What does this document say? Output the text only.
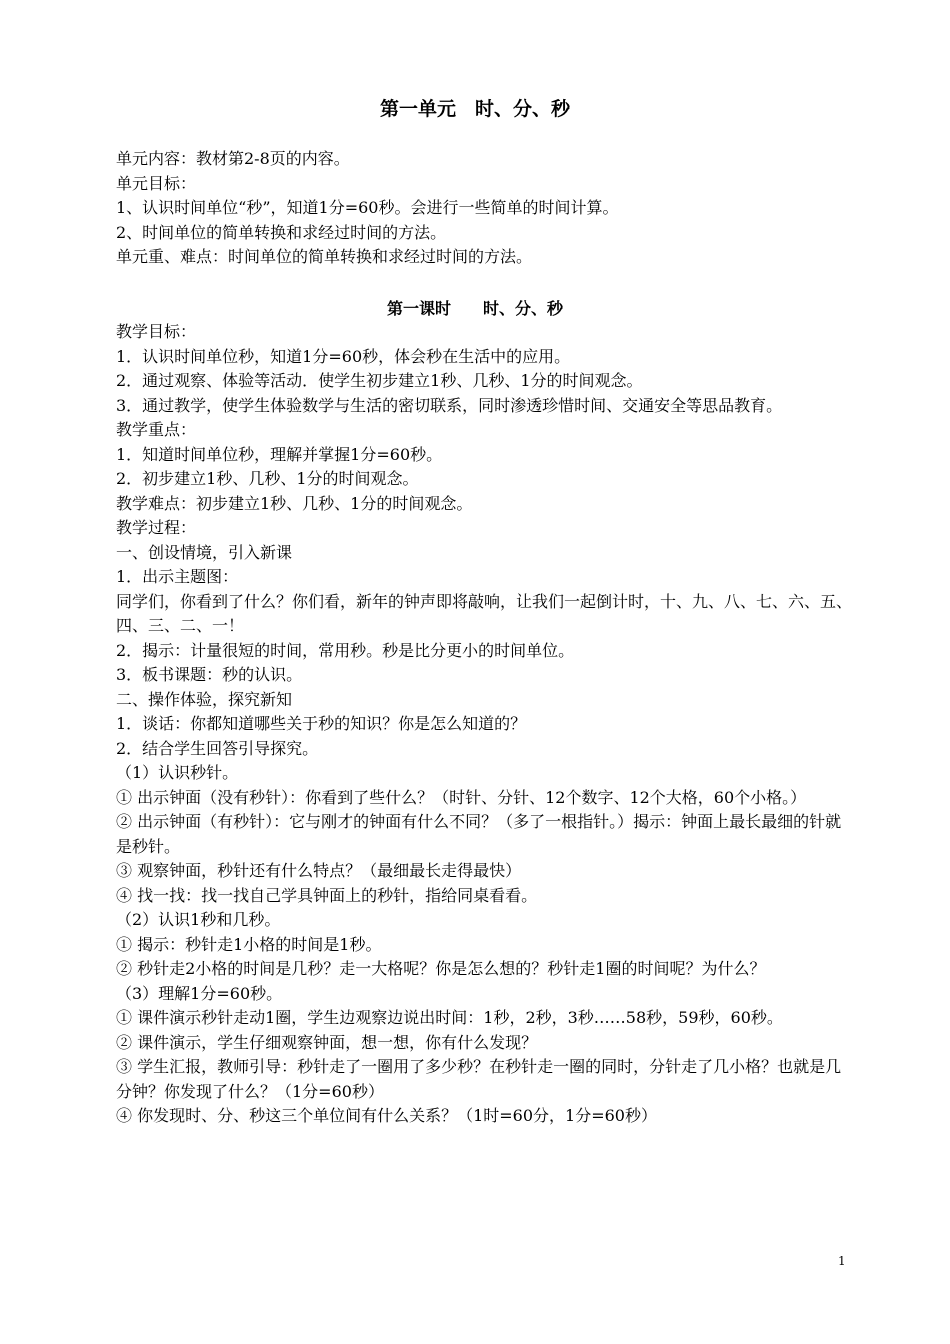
第一单元　时、分、秒

单元内容：教材第2-8页的内容。

单元目标：

1、认识时间单位“秒”，知道1分=60秒。会进行一些简单的时间计算。

2、时间单位的简单转换和求经过时间的方法。

单元重、难点：时间单位的简单转换和求经过时间的方法。

第一课时　　时、分、秒

教学目标：

1．认识时间单位秒，知道1分=60秒，体会秒在生活中的应用。

2．通过观察、体验等活动．使学生初步建立1秒、几秒、1分的时间观念。

3．通过教学，使学生体验数学与生活的密切联系，同时渗透珍惜时间、交通安全等思品教育。

教学重点：

1．知道时间单位秒，理解并掌握1分=60秒。

2．初步建立1秒、几秒、1分的时间观念。

教学难点：初步建立1秒、几秒、1分的时间观念。

教学过程：

一、创设情境，引入新课

1．出示主题图：

同学们，你看到了什么？你们看，新年的钟声即将敲响，让我们一起倒计时，十、九、八、七、六、五、四、三、二、一！

2．揭示：计量很短的时间，常用秒。秒是比分更小的时间单位。

3．板书课题：秒的认识。

二、操作体验，探究新知

1．谈话：你都知道哪些关于秒的知识？你是怎么知道的？

2．结合学生回答引导探究。

（1）认识秒针。

① 出示钟面（没有秒针）：你看到了些什么？（时针、分针、12个数字、12个大格，60个小格。）

② 出示钟面（有秒针）：它与刚才的钟面有什么不同？（多了一根指针。）揭示：钟面上最长最细的针就是秒针。

③ 观察钟面，秒针还有什么特点？（最细最长走得最快）

④ 找一找：找一找自己学具钟面上的秒针，指给同桌看看。

（2）认识1秒和几秒。

① 揭示：秒针走1小格的时间是1秒。

② 秒针走2小格的时间是几秒？走一大格呢？你是怎么想的？秒针走1圈的时间呢？为什么？

（3）理解1分=60秒。

① 课件演示秒针走动1圈，学生边观察边说出时间：1秒，2秒，3秒……58秒，59秒，60秒。

② 课件演示，学生仔细观察钟面，想一想，你有什么发现？

③ 学生汇报，教师引导：秒针走了一圈用了多少秒？在秒针走一圈的同时，分针走了几小格？也就是几分钟？你发现了什么？（1分=60秒）

④ 你发现时、分、秒这三个单位间有什么关系？（1时=60分，1分=60秒）

1
